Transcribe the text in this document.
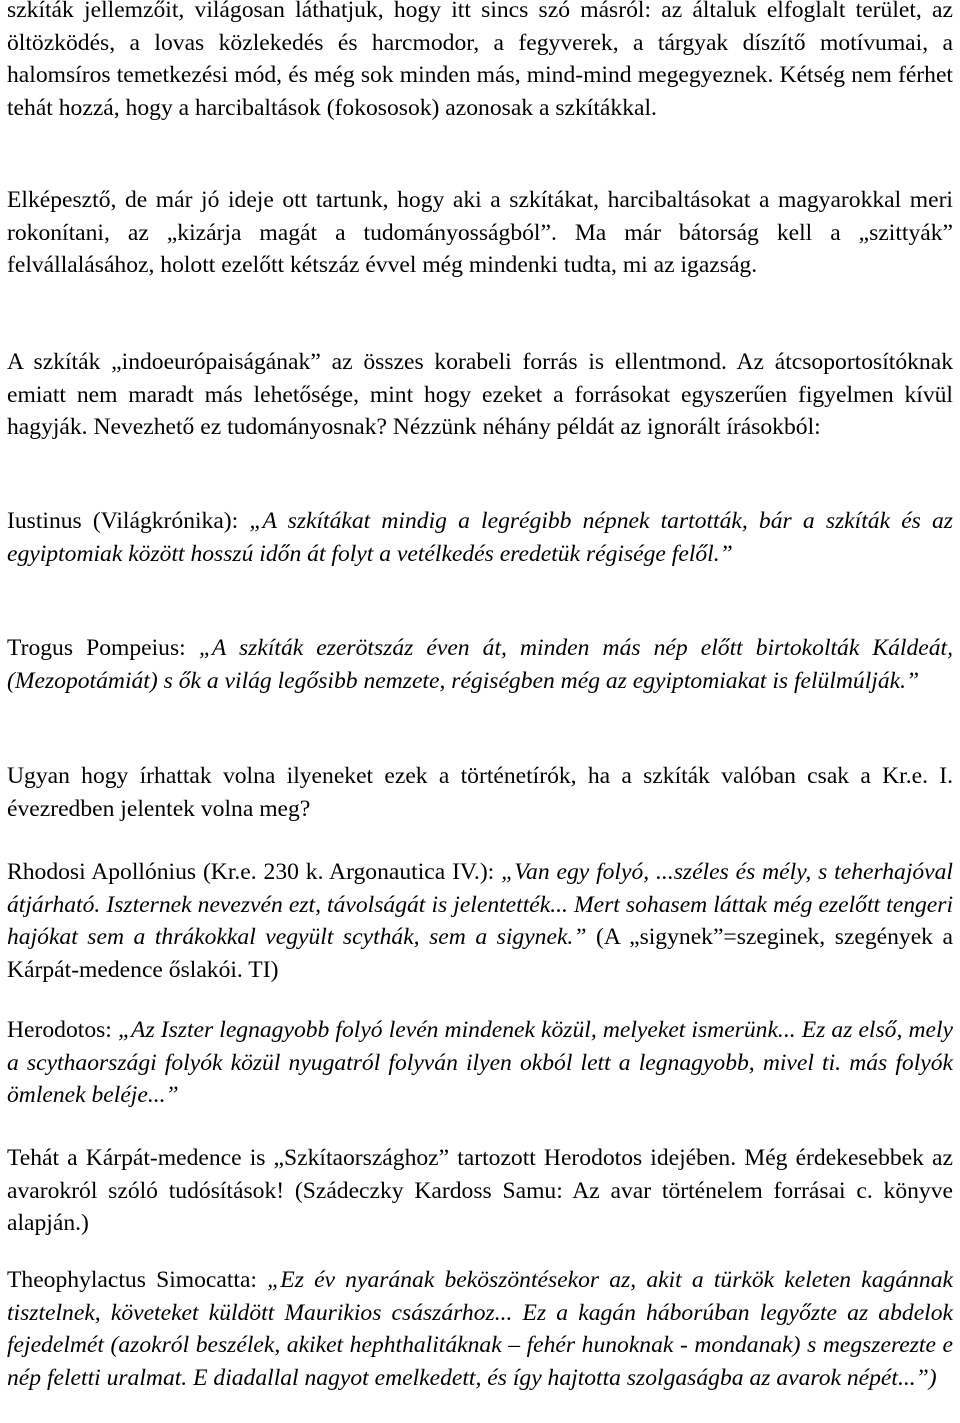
szkíták jellemzőit, világosan láthatjuk, hogy itt sincs szó másról: az általuk elfoglalt terület, az öltözködés, a lovas közlekedés és harcmodor, a fegyverek, a tárgyak díszítő motívumai, a halomsíros temetkezési mód, és még sok minden más, mind-mind megegyeznek. Kétség nem férhet tehát hozzá, hogy a harcibaltások (fokososok) azonosak a szkítákkal.

Elképesztő, de már jó ideje ott tartunk, hogy aki a szkítákat, harcibaltásokat a magyarokkal meri rokonítani, az „kizárja magát a tudományosságból”. Ma már bátorság kell a „szittyák” felvállalásához, holott ezelőtt kétszáz évvel még mindenki tudta, mi az igazság.

A szkíták „indoeurópaiságának” az összes korabeli forrás is ellentmond. Az átcsoportosítóknak emiatt nem maradt más lehetősége, mint hogy ezeket a forrásokat egyszerűen figyelmen kívül hagyják. Nevezhető ez tudományosnak? Nézzünk néhány példát az ignorált írásokból:

Iustinus (Világkrónika): „A szkítákat mindig a legrégibb népnek tartották, bár a szkíták és az egyiptomiak között hosszú időn át folyt a vetélkedés eredetük régisége felől.”

Trogus Pompeius: „A szkíták ezerötszáz éven át, minden más nép előtt birtokolták Káldeát, (Mezopotámiát) s ők a világ legősibb nemzete, régiségben még az egyiptomiakat is felülmúlják.”

Ugyan hogy írhattak volna ilyeneket ezek a történetírók, ha a szkíták valóban csak a Kr.e. I. évezredben jelentek volna meg?

Rhodosi Apollónius (Kr.e. 230 k. Argonautica IV.): „Van egy folyó, ...széles és mély, s teherhajóval átjárható. Iszternek nevezvén ezt, távolságát is jelentették... Mert sohasem láttak még ezelőtt tengeri hajókat sem a thrákokkal vegyült scythák, sem a sigynek.” (A „sigynek”=szeginek, szegények a Kárpát-medence őslakói. TI)

Herodotos: „Az Iszter legnagyobb folyó levén mindenek közül, melyeket ismerünk... Ez az első, mely a scythaországi folyók közül nyugatról folyván ilyen okból lett a legnagyobb, mivel ti. más folyók ömlenek beléje...”

Tehát a Kárpát-medence is „Szkítaországhoz” tartozott Herodotos idejében. Még érdekesebbek az avarokról szóló tudósítások! (Szádeczky Kardoss Samu: Az avar történelem forrásai c. könyve alapján.)

Theophylactus Simocatta: „Ez év nyarának beköszöntésekor az, akit a türkök keleten kagánnak tisztelnek, követeket küldött Maurikios császárhoz... Ez a kagán háborúban legyőzte az abdelok fejedelmét (azokról beszélek, akiket hephthalitáknak – fehér hunoknak - mondanak) s megszerezte e nép feletti uralmat. E diadallal nagyot emelkedett, és így hajtotta szolgaságba az avarok népét...”)
